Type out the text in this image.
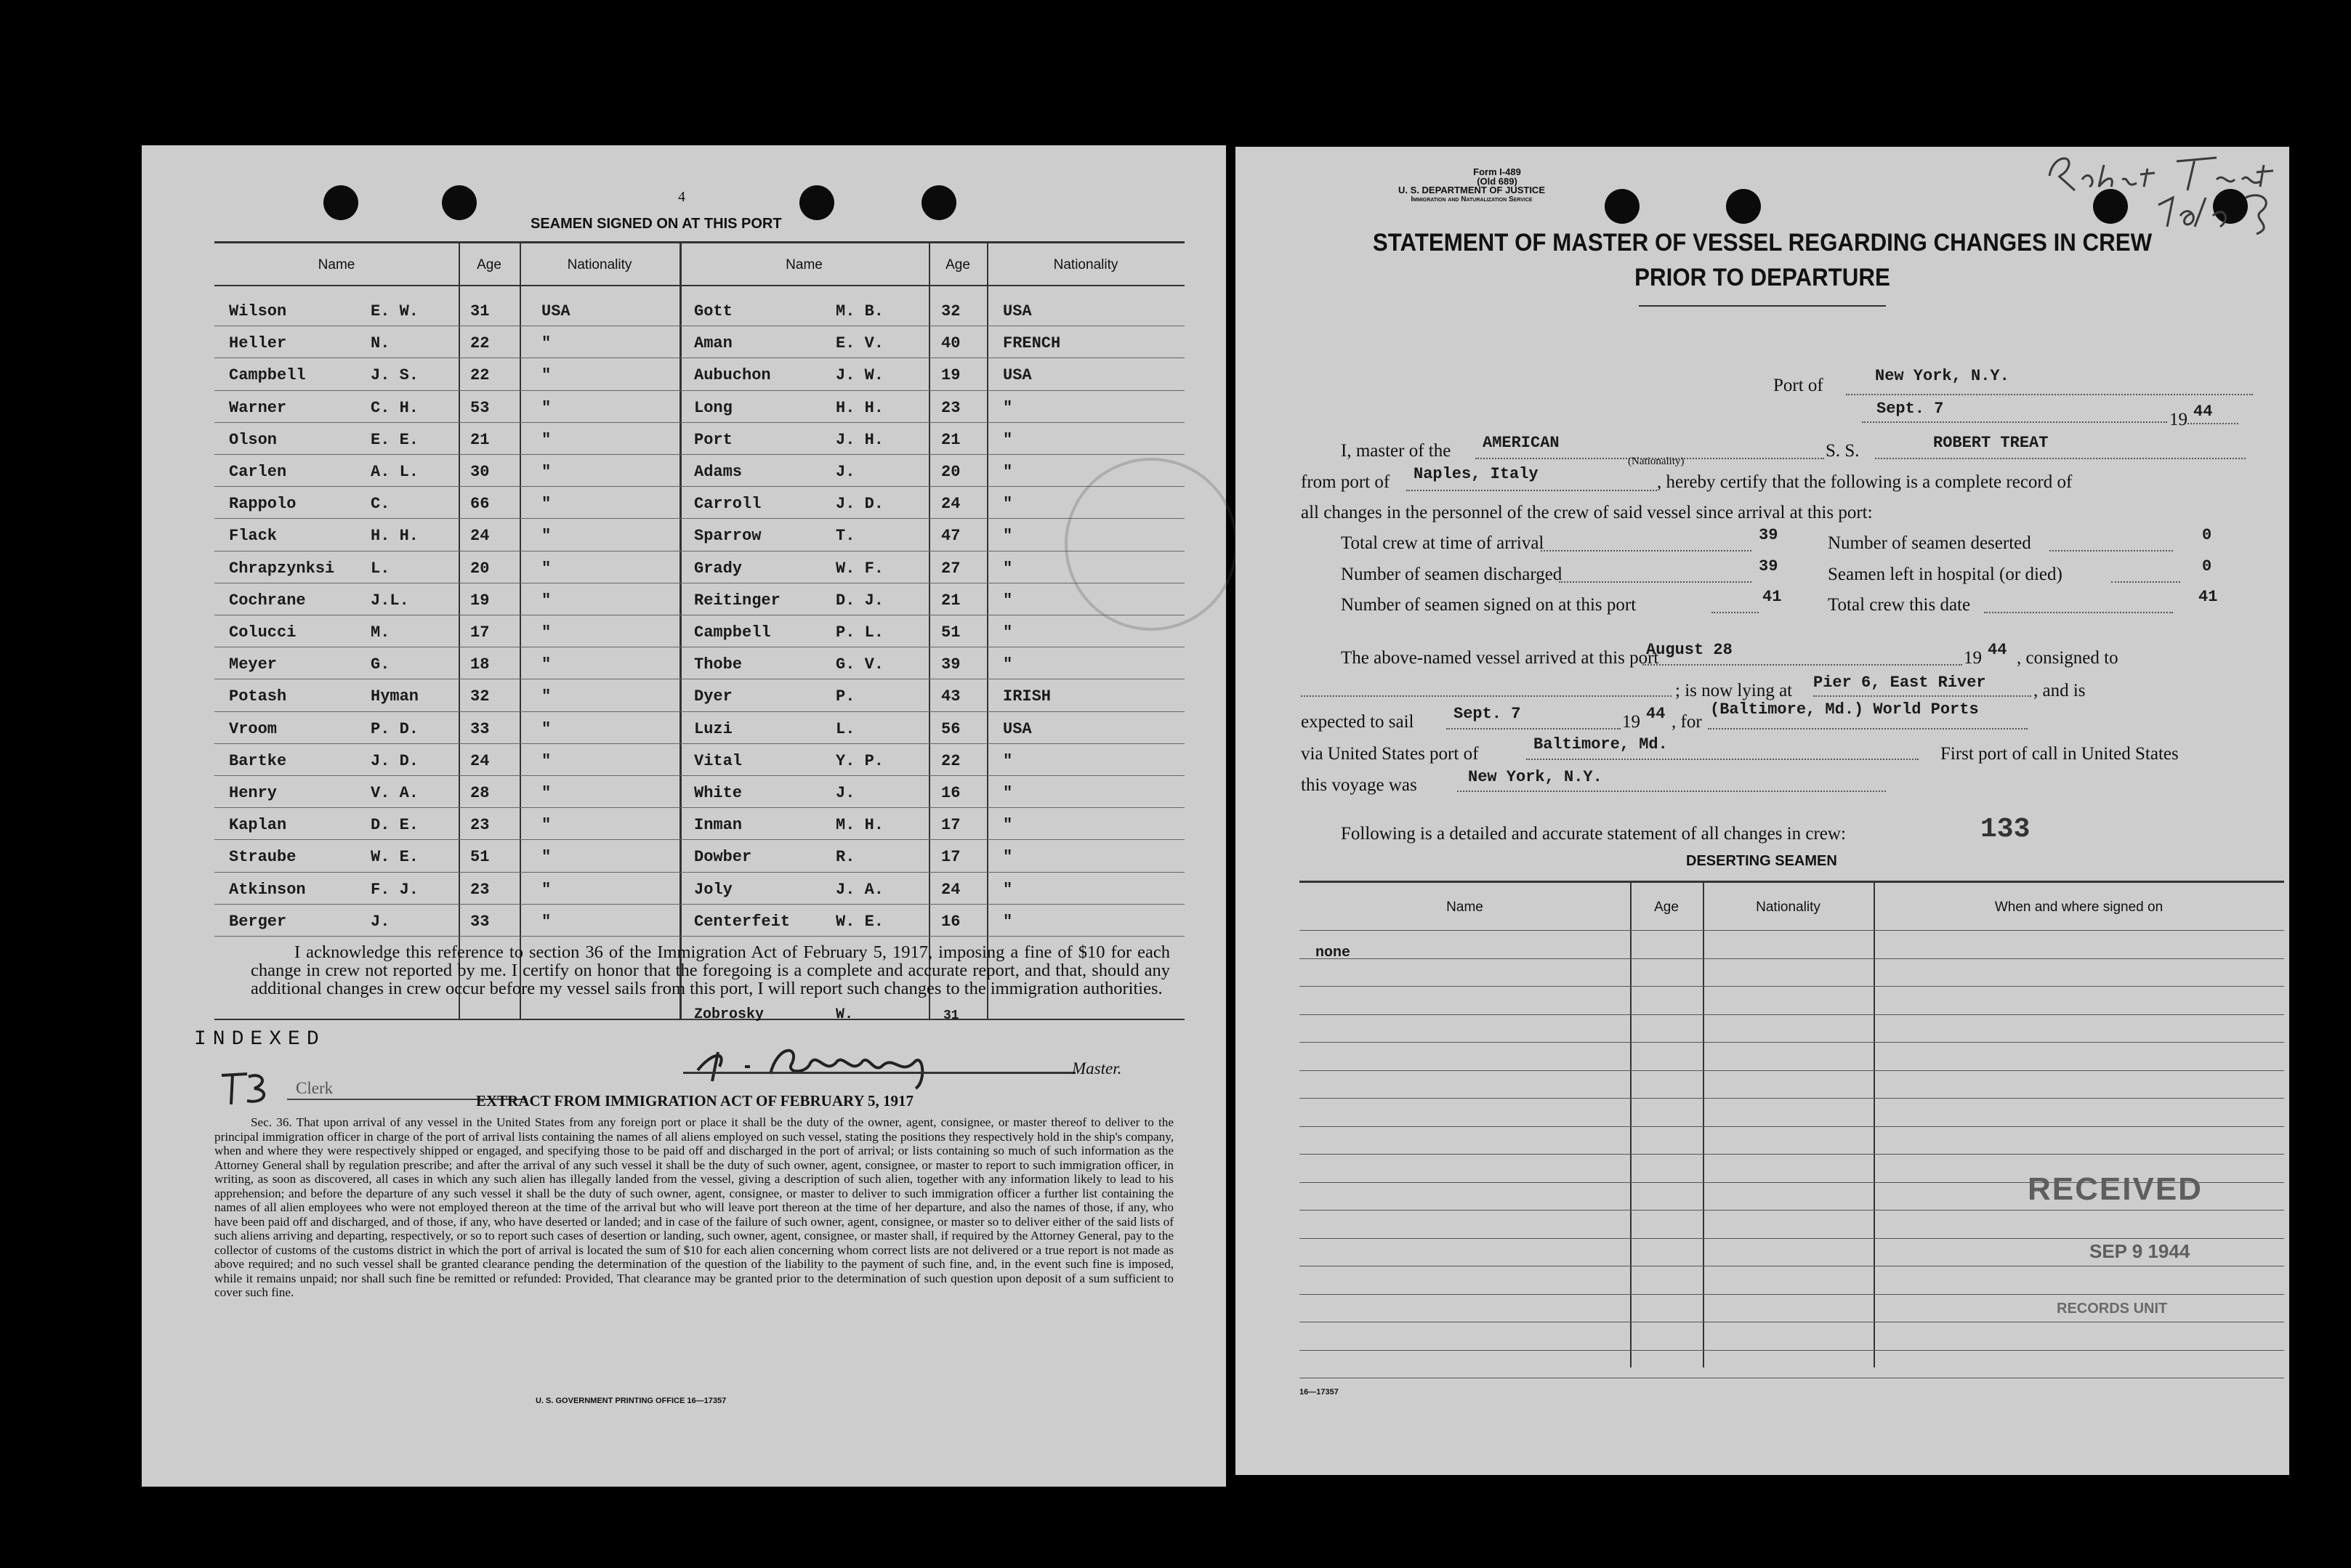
4
SEAMEN SIGNED ON AT THIS PORT
Name	Age	Nationality	Name	Age	Nationality
Wilson	E. W.	31	USA	Gott	M. B.	32	USA
Heller	N.	22	"	Aman	E. V.	40	FRENCH
Campbell	J. S.	22	"	Aubuchon	J. W.	19	USA
Warner	C. H.	53	"	Long	H. H.	23	"
Olson	E. E.	21	"	Port	J. H.	21	"
Carlen	A. L.	30	"	Adams	J.	20	"
Rappolo	C.	66	"	Carroll	J. D.	24	"
Flack	H. H.	24	"	Sparrow	T.	47	"
Chrapzynksi L.	20	"	Grady	W. F.	27	"
Cochrane	J.L.	19	"	Reitinger	D. J.	21	"
Colucci	M.	17	"	Campbell	P. L.	51	"
Meyer	G.	18	"	Thobe	G. V.	39	"
Potash	Hyman	32	"	Dyer	P.	43	IRISH
Vroom	P. D.	33	"	Luzi	L.	56	USA
Bartke	J. D.	24	"	Vital	Y. P.	22	"
Henry	V. A.	28	"	White	J.	16	"
Kaplan	D. E.	23	"	Inman	M. H.	17	"
Straube	W. E.	51	"	Dowber	R.	17	"
Atkinson	F. J.	23	"	Joly	J. A.	24	"
Berger	J.	33	"	Centerfeit	W. E.	16	"
Zobrosky	W.	31
I acknowledge this reference to section 36 of the Immigration Act of February 5, 1917, imposing a fine of $10 for each change in crew not reported by me. I certify on honor that the foregoing is a complete and accurate report, and that, should any additional changes in crew occur before my vessel sails from this port, I will report such changes to the immigration authorities.
INDEXED
Clerk
Master.
EXTRACT FROM IMMIGRATION ACT OF FEBRUARY 5, 1917
Sec. 36. That upon arrival of any vessel in the United States from any foreign port or place it shall be the duty of the owner, agent, consignee, or master thereof to deliver to the principal immigration officer in charge of the port of arrival lists containing the names of all aliens employed on such vessel, stating the positions they respectively hold in the ship's company, when and where they were respectively shipped or engaged, and specifying those to be paid off and discharged in the port of arrival; or lists containing so much of such information as the Attorney General shall by regulation prescribe; and after the arrival of any such vessel it shall be the duty of such owner, agent, consignee, or master to report to such immigration officer, in writing, as soon as discovered, all cases in which any such alien has illegally landed from the vessel, giving a description of such alien, together with any information likely to lead to his apprehension; and before the departure of any such vessel it shall be the duty of such owner, agent, consignee, or master to deliver to such immigration officer a further list containing the names of all alien employees who were not employed thereon at the time of the arrival but who will leave port thereon at the time of her departure, and also the names of those, if any, who have been paid off and discharged, and of those, if any, who have deserted or landed; and in case of the failure of such owner, agent, consignee, or master so to deliver either of the said lists of such aliens arriving and departing, respectively, or so to report such cases of desertion or landing, such owner, agent, consignee, or master shall, if required by the Attorney General, pay to the collector of customs of the customs district in which the port of arrival is located the sum of $10 for each alien concerning whom correct lists are not delivered or a true report is not made as above required; and no such vessel shall be granted clearance pending the determination of the question of the liability to the payment of such fine, and, in the event such fine is imposed, while it remains unpaid; nor shall such fine be remitted or refunded: Provided, That clearance may be granted prior to the determination of such question upon deposit of a sum sufficient to cover such fine.
U. S. GOVERNMENT PRINTING OFFICE 16—17357
Form I-489
(Old 689)
U. S. DEPARTMENT OF JUSTICE
Immigration and Naturalization Service
STATEMENT OF MASTER OF VESSEL REGARDING CHANGES IN CREW
PRIOR TO DEPARTURE
Port of	New York, N.Y.
Sept. 7
19 44
I, master of the AMERICAN
(Nationality)
S. S.	ROBERT TREAT
from port of Naples, Italy	, hereby certify that the following is a complete record of
all changes in the personnel of the crew of said vessel since arrival at this port:
Total crew at time of arrival	39	Number of seamen deserted	0
Number of seamen discharged	39	Seamen left in hospital (or died)	0
Number of seamen signed on at this port	41	Total crew this date	41
The above-named vessel arrived at this port
August 28	19 44 , consigned to
; is now lying at Pier 6, East River	, and is
expected to sail Sept. 7	19 44 , for
(Baltimore, Md.) World Ports
via United States port of	Baltimore, Md.	First port of call in United States
this voyage was	New York, N.Y.
Following is a detailed and accurate statement of all changes in crew:	133
DESERTING SEAMEN
Name	Age	Nationality	When and where signed on
none
RECEIVED
SEP 9 1944
RECORDS UNIT
16—17357
